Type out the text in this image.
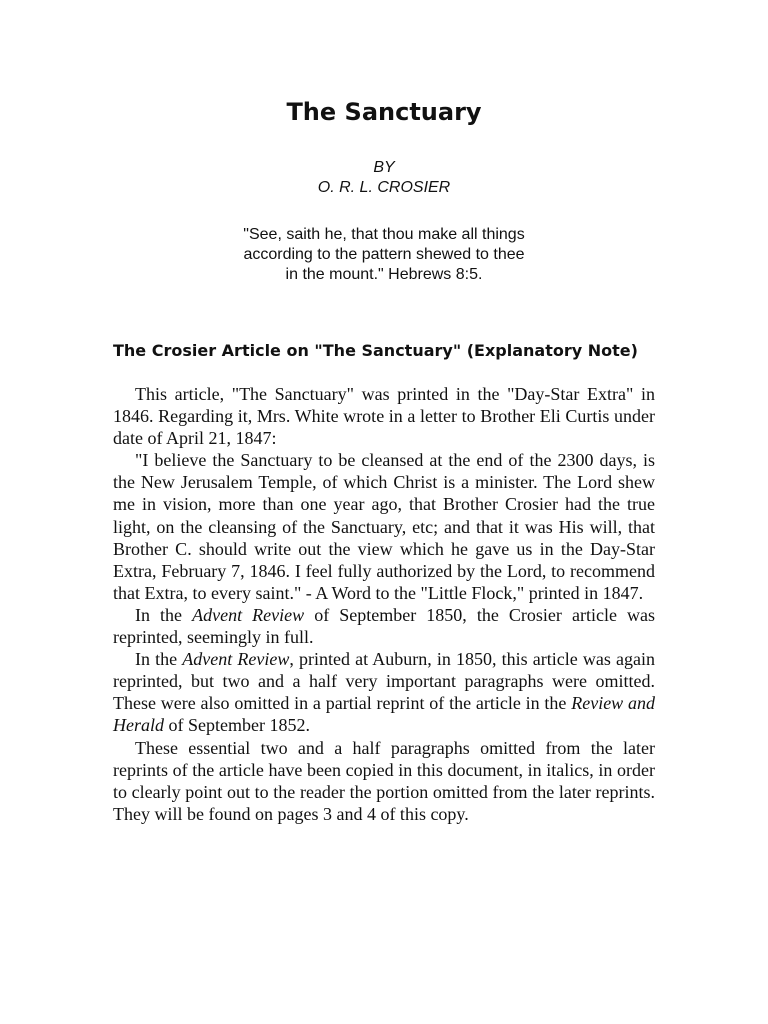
The Sanctuary
BY
O. R. L. CROSIER
"See, saith he, that thou make all things
according to the pattern shewed to thee
in the mount." Hebrews 8:5.
The Crosier Article on "The Sanctuary" (Explanatory Note)

This article, "The Sanctuary" was printed in the "Day-Star Extra" in 1846. Regarding it, Mrs. White wrote in a letter to Brother Eli Curtis under date of April 21, 1847:

"I believe the Sanctuary to be cleansed at the end of the 2300 days, is the New Jerusalem Temple, of which Christ is a minister. The Lord shew me in vision, more than one year ago, that Brother Crosier had the true light, on the cleansing of the Sanctuary, etc; and that it was His will, that Brother C. should write out the view which he gave us in the Day-Star Extra, February 7, 1846. I feel fully authorized by the Lord, to recommend that Extra, to every saint." - A Word to the "Little Flock," printed in 1847.

In the Advent Review of September 1850, the Crosier article was reprinted, seemingly in full.

In the Advent Review, printed at Auburn, in 1850, this article was again reprinted, but two and a half very important paragraphs were omitted. These were also omitted in a partial reprint of the article in the Review and Herald of September 1852.

These essential two and a half paragraphs omitted from the later reprints of the article have been copied in this document, in italics, in order to clearly point out to the reader the portion omitted from the later reprints. They will be found on pages 3 and 4 of this copy.
